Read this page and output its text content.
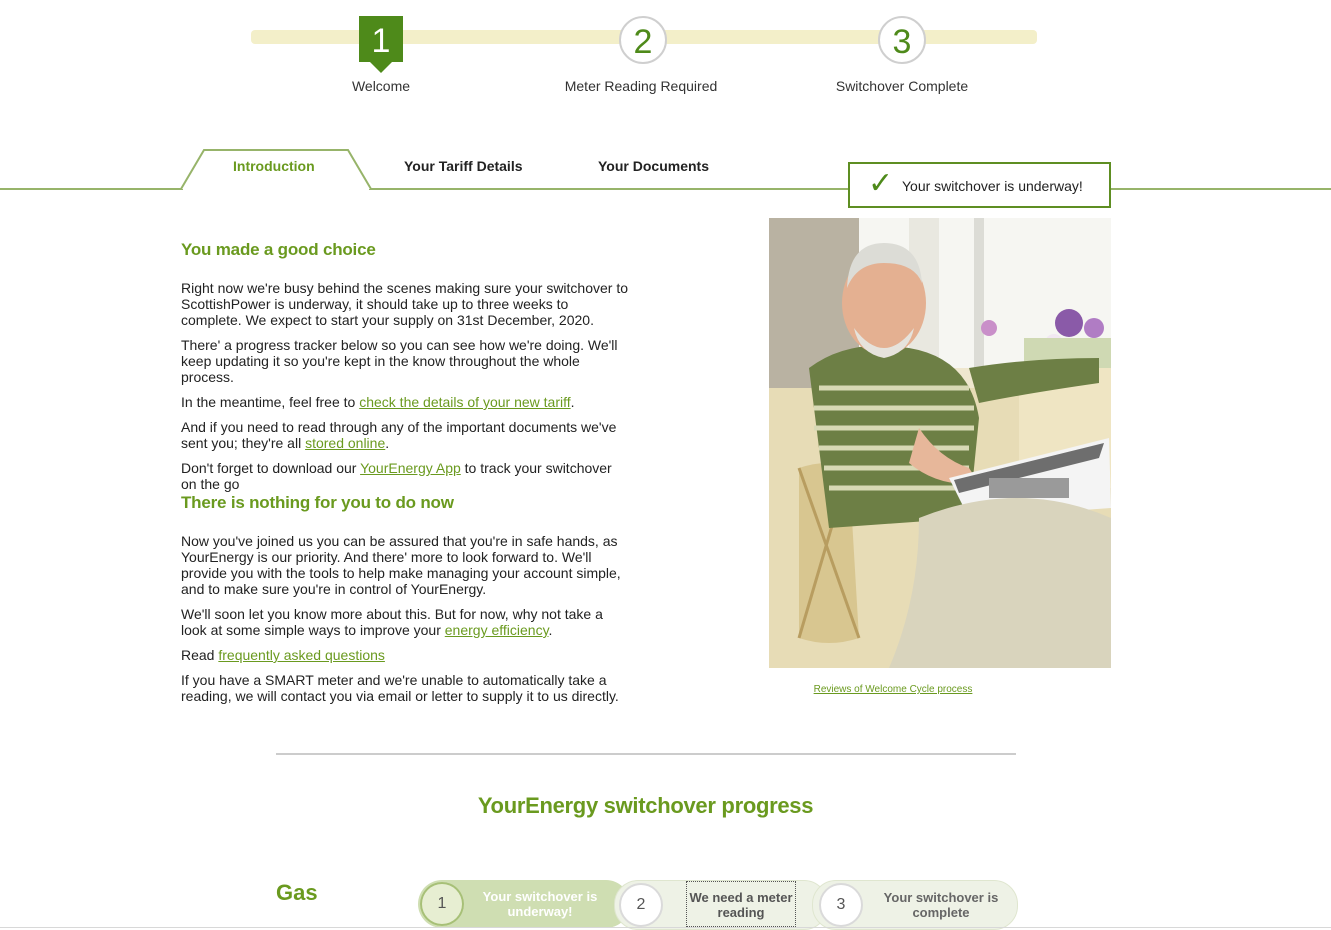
1
Welcome
2
Meter Reading Required
3
Switchover Complete
Introduction	Your Tariff Details	Your Documents
✓ Your switchover is underway!
You made a good choice

Right now we're busy behind the scenes making sure your switchover to ScottishPower is underway, it should take up to three weeks to complete. We expect to start your supply on 31st December, 2020.

There' a progress tracker below so you can see how we're doing. We'll keep updating it so you're kept in the know throughout the whole process.

In the meantime, feel free to check the details of your new tariff.

And if you need to read through any of the important documents we've sent you; they're all stored online.

Don't forget to download our YourEnergy App to track your switchover on the go

There is nothing for you to do now

Now you've joined us you can be assured that you're in safe hands, as YourEnergy is our priority. And there' more to look forward to. We'll provide you with the tools to help make managing your account simple, and to make sure you're in control of YourEnergy.

We'll soon let you know more about this. But for now, why not take a look at some simple ways to improve your energy efficiency.

Read frequently asked questions

If you have a SMART meter and we're unable to automatically take a reading, we will contact you via email or letter to supply it to us directly.	Reviews of Welcome Cycle process
YourEnergy switchover progress
Gas	1	Your switchover is underway!	2	We need a meter reading	3	Your switchover is complete
